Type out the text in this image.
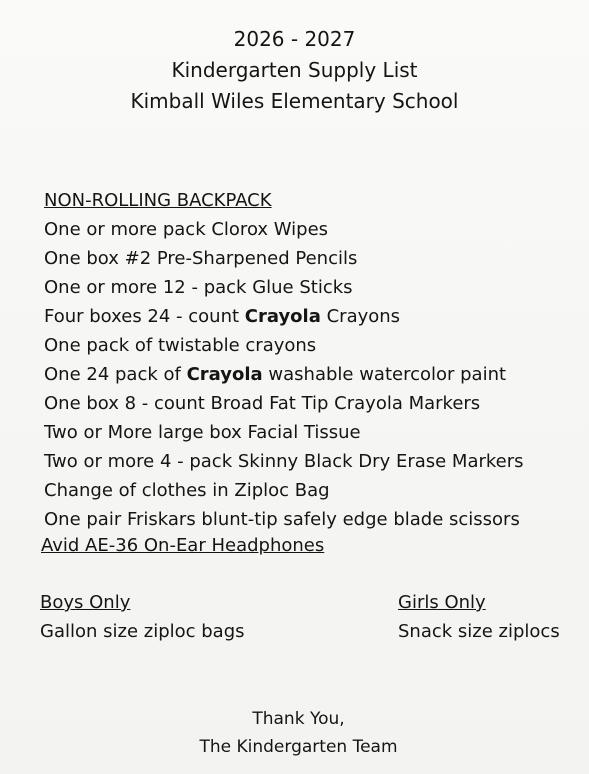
2026 - 2027
Kindergarten Supply List
Kimball Wiles Elementary School
NON-ROLLING BACKPACK
One or more pack Clorox Wipes
One box #2 Pre-Sharpened Pencils
One or more 12 - pack Glue Sticks
Four boxes 24 - count Crayola Crayons
One pack of twistable crayons
One 24 pack of Crayola washable watercolor paint
One box 8 - count Broad Fat Tip Crayola Markers
Two or More large box Facial Tissue
Two or more 4 - pack Skinny Black Dry Erase Markers
Change of clothes in Ziploc Bag
One pair Friskars blunt-tip safely edge blade scissors
Avid AE-36 On-Ear Headphones
Boys Only
Gallon size ziploc bags
Girls Only
Snack size ziplocs
Thank You,
The Kindergarten Team
